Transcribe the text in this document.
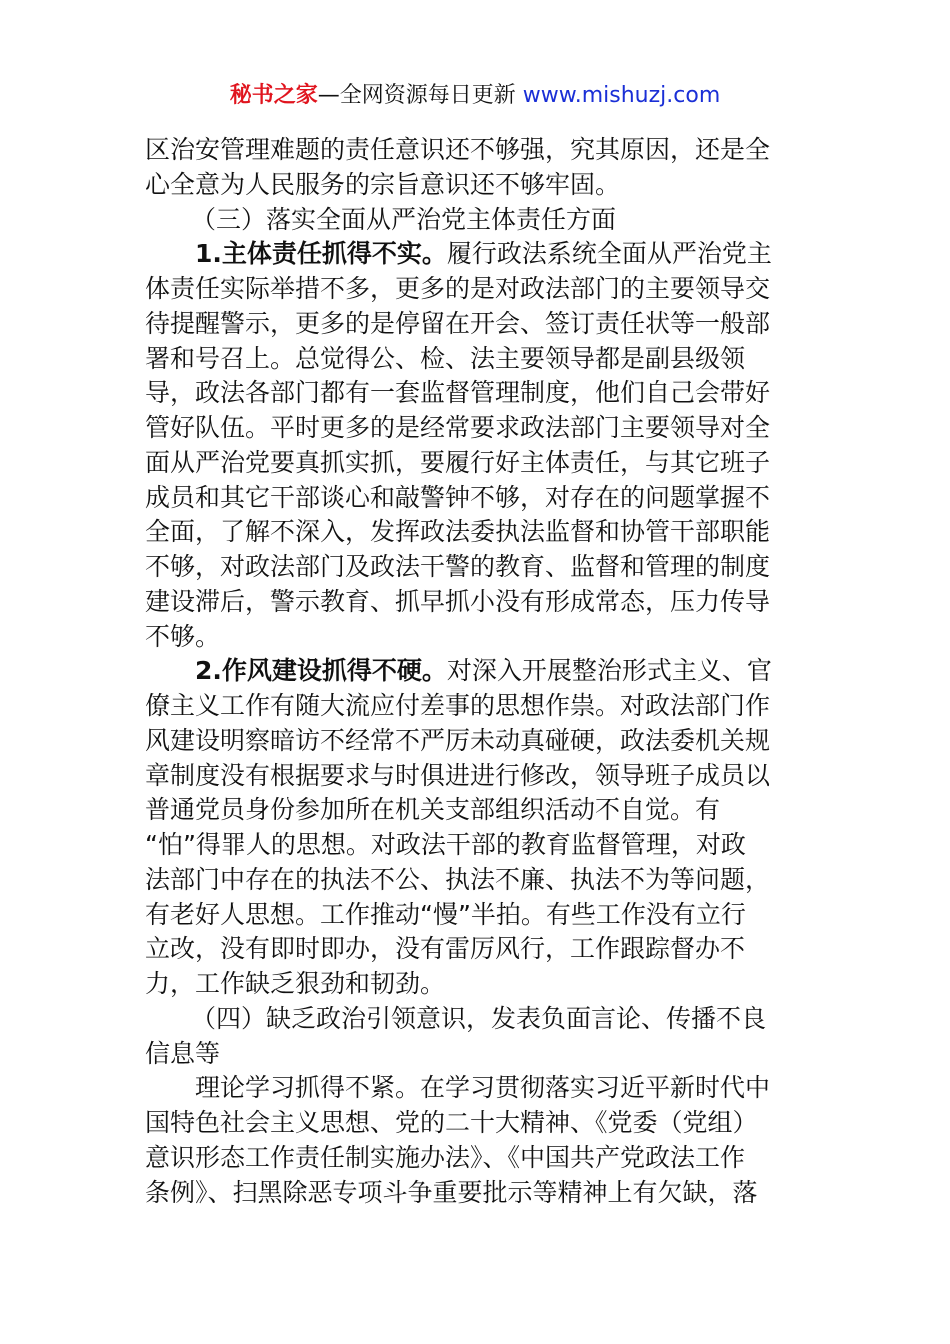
秘书之家—全网资源每日更新 www.mishuzj.com
区治安管理难题的责任意识还不够强，究其原因，还是全
心全意为人民服务的宗旨意识还不够牢固。
（三）落实全面从严治党主体责任方面
1.主体责任抓得不实。履行政法系统全面从严治党主
体责任实际举措不多，更多的是对政法部门的主要领导交
待提醒警示，更多的是停留在开会、签订责任状等一般部
署和号召上。总觉得公、检、法主要领导都是副县级领
导，政法各部门都有一套监督管理制度，他们自己会带好
管好队伍。平时更多的是经常要求政法部门主要领导对全
面从严治党要真抓实抓，要履行好主体责任，与其它班子
成员和其它干部谈心和敲警钟不够，对存在的问题掌握不
全面，了解不深入，发挥政法委执法监督和协管干部职能
不够，对政法部门及政法干警的教育、监督和管理的制度
建设滞后，警示教育、抓早抓小没有形成常态，压力传导
不够。
2.作风建设抓得不硬。对深入开展整治形式主义、官
僚主义工作有随大流应付差事的思想作祟。对政法部门作
风建设明察暗访不经常不严厉未动真碰硬，政法委机关规
章制度没有根据要求与时俱进进行修改，领导班子成员以
普通党员身份参加所在机关支部组织活动不自觉。有
“怕”得罪人的思想。对政法干部的教育监督管理，对政
法部门中存在的执法不公、执法不廉、执法不为等问题，
有老好人思想。工作推动“慢”半拍。有些工作没有立行
立改，没有即时即办，没有雷厉风行，工作跟踪督办不
力，工作缺乏狠劲和韧劲。
（四）缺乏政治引领意识，发表负面言论、传播不良
信息等
理论学习抓得不紧。在学习贯彻落实习近平新时代中
国特色社会主义思想、党的二十大精神、《党委（党组）
意识形态工作责任制实施办法》、《中国共产党政法工作
条例》、扫黑除恶专项斗争重要批示等精神上有欠缺，落
